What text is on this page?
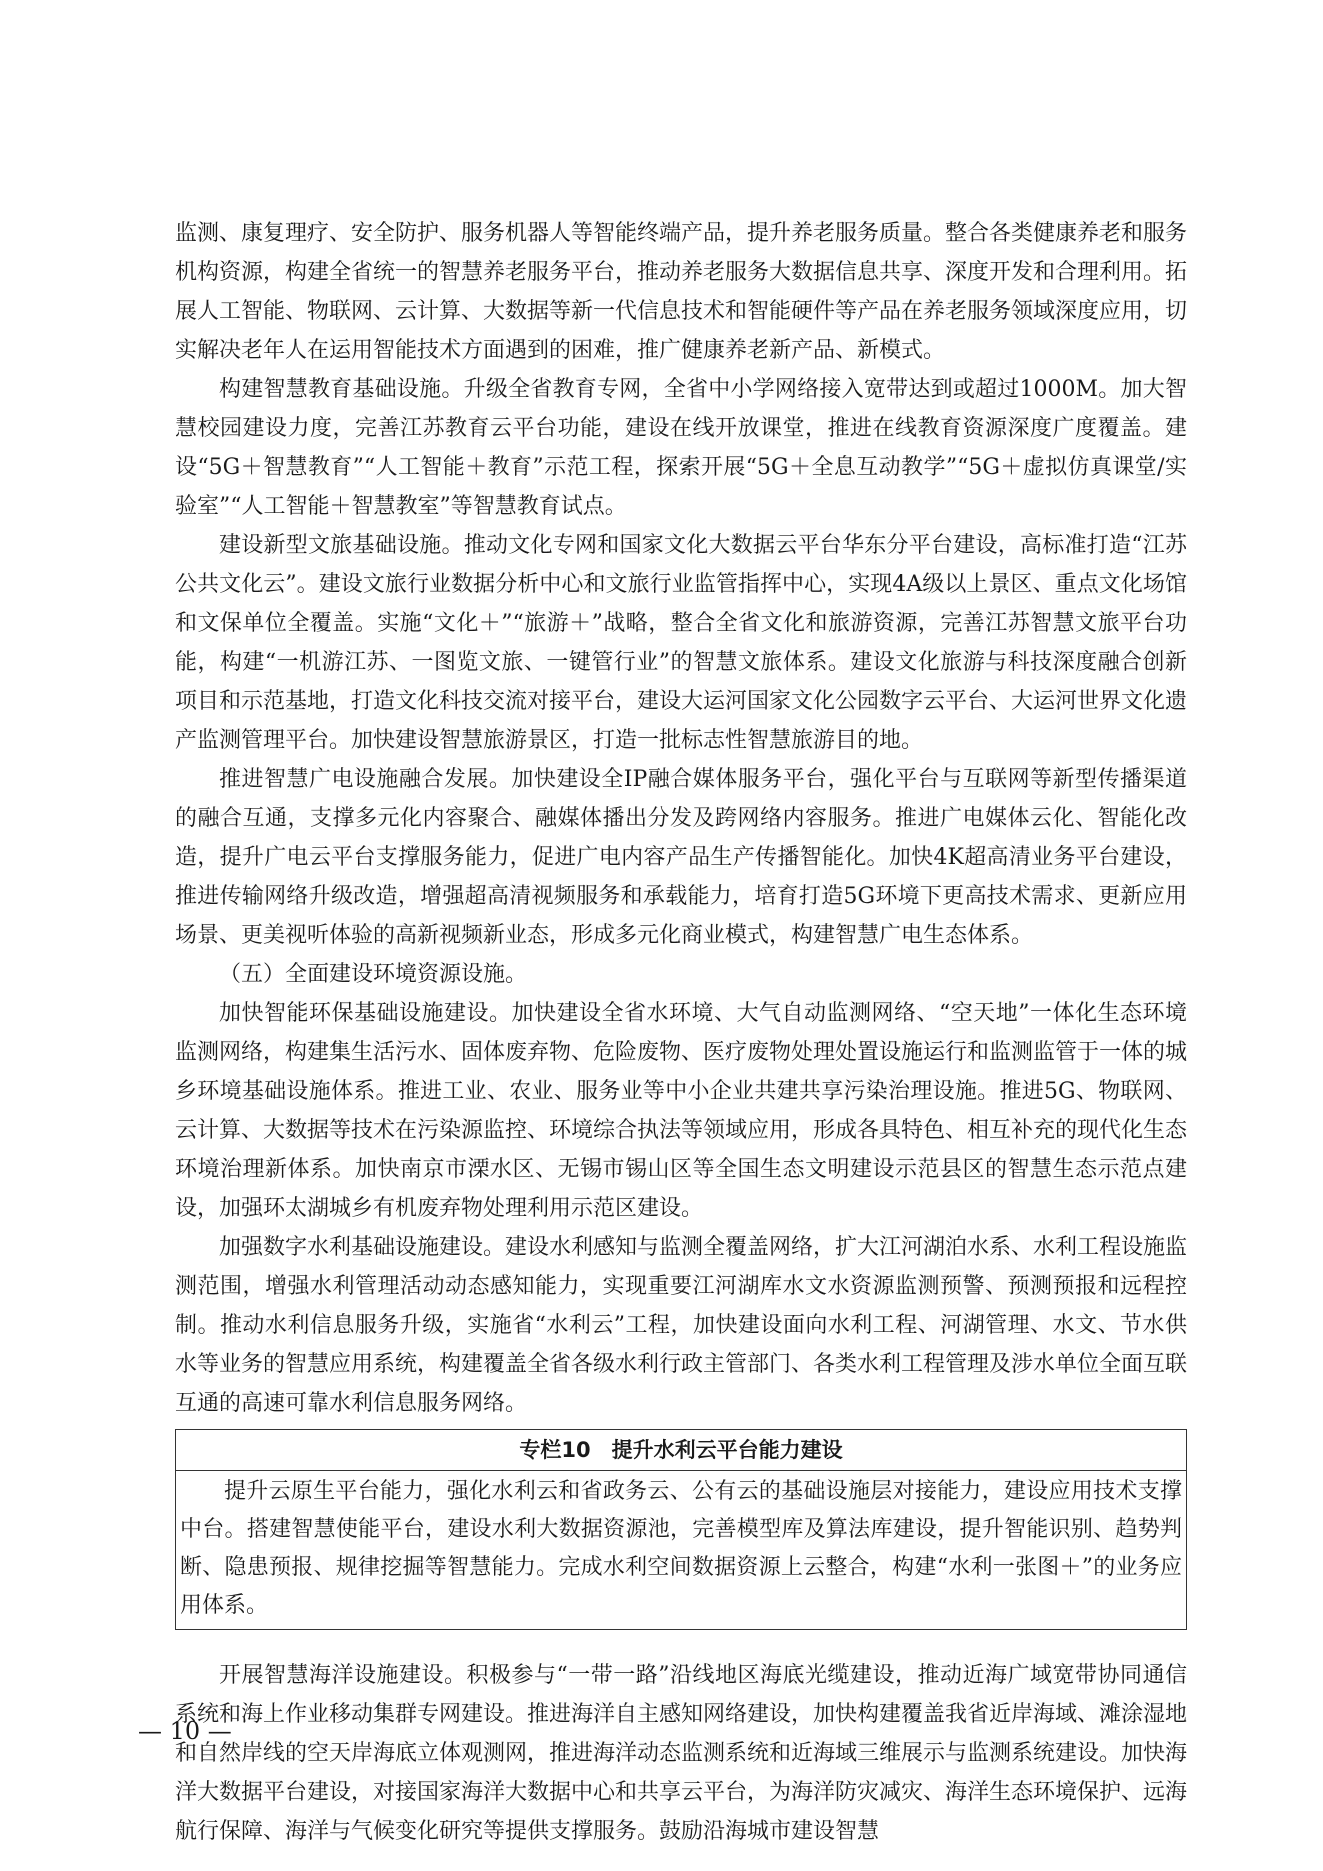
监测、康复理疗、安全防护、服务机器人等智能终端产品，提升养老服务质量。整合各类健康养老和服务机构资源，构建全省统一的智慧养老服务平台，推动养老服务大数据信息共享、深度开发和合理利用。拓展人工智能、物联网、云计算、大数据等新一代信息技术和智能硬件等产品在养老服务领域深度应用，切实解决老年人在运用智能技术方面遇到的困难，推广健康养老新产品、新模式。

构建智慧教育基础设施。升级全省教育专网，全省中小学网络接入宽带达到或超过1000M。加大智慧校园建设力度，完善江苏教育云平台功能，建设在线开放课堂，推进在线教育资源深度广度覆盖。建设“5G＋智慧教育”“人工智能＋教育”示范工程，探索开展“5G＋全息互动教学”“5G＋虚拟仿真课堂/实验室”“人工智能＋智慧教室”等智慧教育试点。

建设新型文旅基础设施。推动文化专网和国家文化大数据云平台华东分平台建设，高标准打造“江苏公共文化云”。建设文旅行业数据分析中心和文旅行业监管指挥中心，实现4A级以上景区、重点文化场馆和文保单位全覆盖。实施“文化＋”“旅游＋”战略，整合全省文化和旅游资源，完善江苏智慧文旅平台功能，构建“一机游江苏、一图览文旅、一键管行业”的智慧文旅体系。建设文化旅游与科技深度融合创新项目和示范基地，打造文化科技交流对接平台，建设大运河国家文化公园数字云平台、大运河世界文化遗产监测管理平台。加快建设智慧旅游景区，打造一批标志性智慧旅游目的地。

推进智慧广电设施融合发展。加快建设全IP融合媒体服务平台，强化平台与互联网等新型传播渠道的融合互通，支撑多元化内容聚合、融媒体播出分发及跨网络内容服务。推进广电媒体云化、智能化改造，提升广电云平台支撑服务能力，促进广电内容产品生产传播智能化。加快4K超高清业务平台建设，推进传输网络升级改造，增强超高清视频服务和承载能力，培育打造5G环境下更高技术需求、更新应用场景、更美视听体验的高新视频新业态，形成多元化商业模式，构建智慧广电生态体系。

（五）全面建设环境资源设施。

加快智能环保基础设施建设。加快建设全省水环境、大气自动监测网络、“空天地”一体化生态环境监测网络，构建集生活污水、固体废弃物、危险废物、医疗废物处理处置设施运行和监测监管于一体的城乡环境基础设施体系。推进工业、农业、服务业等中小企业共建共享污染治理设施。推进5G、物联网、云计算、大数据等技术在污染源监控、环境综合执法等领域应用，形成各具特色、相互补充的现代化生态环境治理新体系。加快南京市溧水区、无锡市锡山区等全国生态文明建设示范县区的智慧生态示范点建设，加强环太湖城乡有机废弃物处理利用示范区建设。

加强数字水利基础设施建设。建设水利感知与监测全覆盖网络，扩大江河湖泊水系、水利工程设施监测范围，增强水利管理活动动态感知能力，实现重要江河湖库水文水资源监测预警、预测预报和远程控制。推动水利信息服务升级，实施省“水利云”工程，加快建设面向水利工程、河湖管理、水文、节水供水等业务的智慧应用系统，构建覆盖全省各级水利行政主管部门、各类水利工程管理及涉水单位全面互联互通的高速可靠水利信息服务网络。

专栏10　提升水利云平台能力建设

提升云原生平台能力，强化水利云和省政务云、公有云的基础设施层对接能力，建设应用技术支撑中台。搭建智慧使能平台，建设水利大数据资源池，完善模型库及算法库建设，提升智能识别、趋势判断、隐患预报、规律挖掘等智慧能力。完成水利空间数据资源上云整合，构建“水利一张图＋”的业务应用体系。

开展智慧海洋设施建设。积极参与“一带一路”沿线地区海底光缆建设，推动近海广域宽带协同通信系统和海上作业移动集群专网建设。推进海洋自主感知网络建设，加快构建覆盖我省近岸海域、滩涂湿地和自然岸线的空天岸海底立体观测网，推进海洋动态监测系统和近海域三维展示与监测系统建设。加快海洋大数据平台建设，对接国家海洋大数据中心和共享云平台，为海洋防灾减灾、海洋生态环境保护、远海航行保障、海洋与气候变化研究等提供支撑服务。鼓励沿海城市建设智慧

— 10 —
